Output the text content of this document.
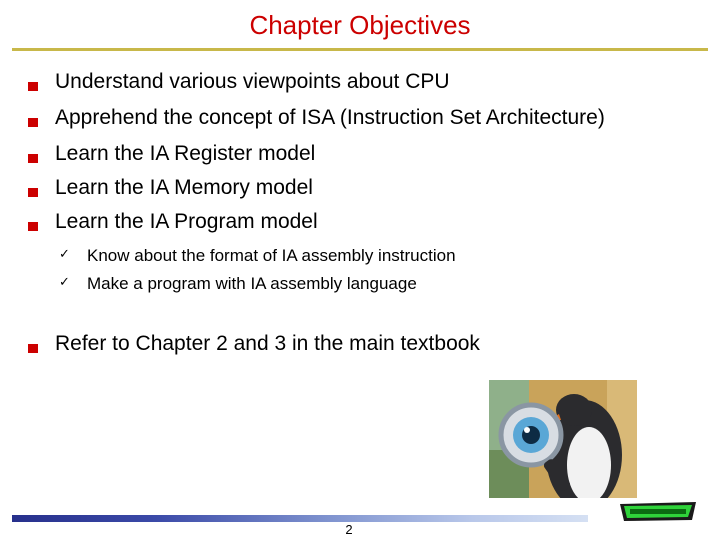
Chapter Objectives
Understand various viewpoints about CPU
Apprehend the concept of ISA (Instruction Set Architecture)
Learn the IA Register model
Learn the IA Memory model
Learn the IA Program model
✓ Know about the format of IA assembly instruction
✓ Make a program with IA assembly language
Refer to Chapter 2 and 3 in the main textbook
2
